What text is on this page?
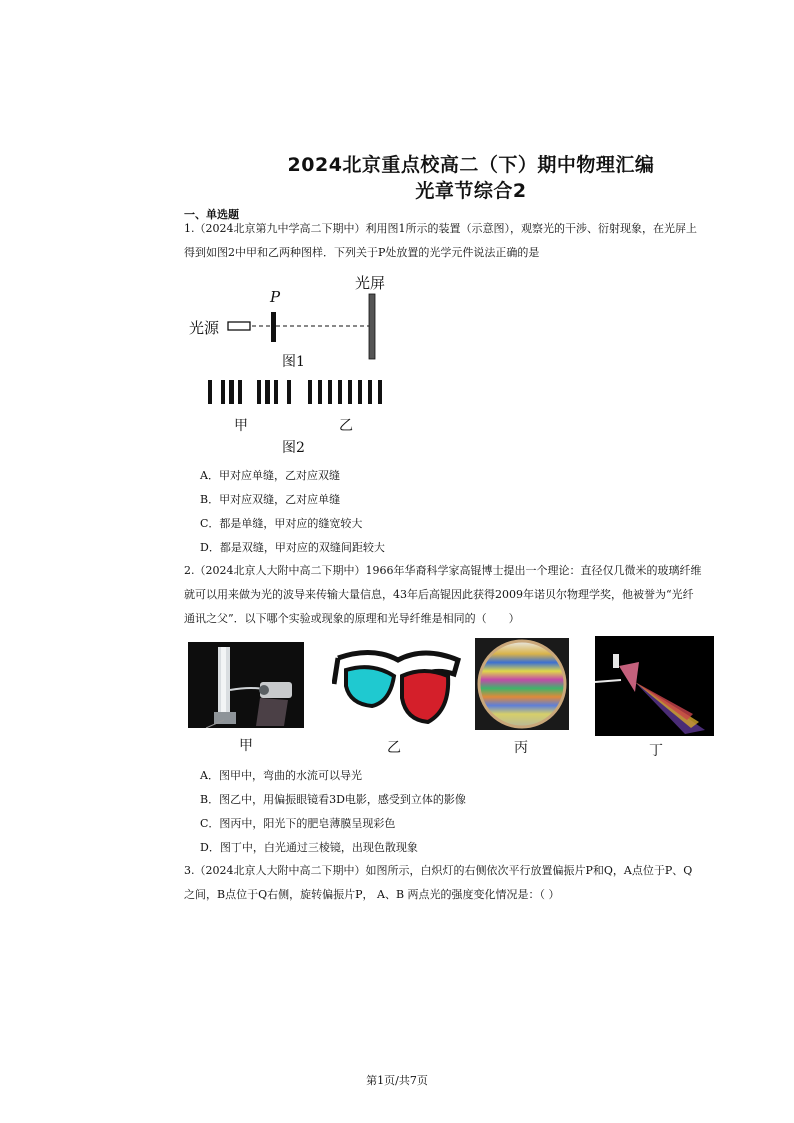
2024北京重点校高二（下）期中物理汇编
光章节综合2
一、单选题
1.（2024北京第九中学高二下期中）利用图1所示的装置（示意图），观察光的干涉、衍射现象，在光屏上
得到如图2中甲和乙两种图样．下列关于P处放置的光学元件说法正确的是
光屏
P
光源
图1
甲	乙
图2
A．甲对应单缝，乙对应双缝
B．甲对应双缝，乙对应单缝
C．都是单缝，甲对应的缝宽较大
D．都是双缝，甲对应的双缝间距较大
2.（2024北京人大附中高二下期中）1966年华裔科学家高锟博士提出一个理论：直径仅几微米的玻璃纤维
就可以用来做为光的波导来传输大量信息，43年后高锟因此获得2009年诺贝尔物理学奖，他被誉为“光纤
通讯之父”．以下哪个实验或现象的原理和光导纤维是相同的（　　）
甲	乙	丙	丁
A．图甲中，弯曲的水流可以导光
B．图乙中，用偏振眼镜看3D电影，感受到立体的影像
C．图丙中，阳光下的肥皂薄膜呈现彩色
D．图丁中，白光通过三棱镜，出现色散现象
3.（2024北京人大附中高二下期中）如图所示，白炽灯的右侧依次平行放置偏振片P和Q，A点位于P、Q
之间，B点位于Q右侧，旋转偏振片P， A、B 两点光的强度变化情况是：（ ）
第1页/共7页
